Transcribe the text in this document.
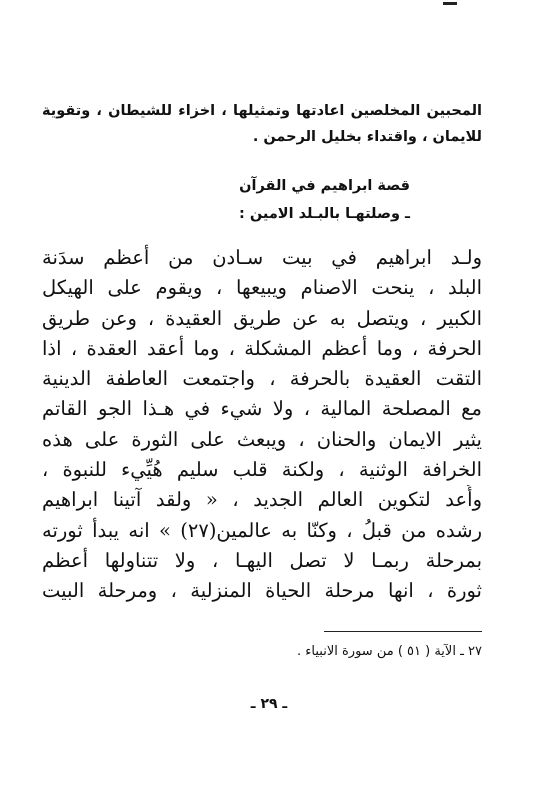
المحبين المخلصين اعادتها وتمثيلها ، اخزاء للشيطان ، وتقوية للايمان ، واقتداء بخليل الرحمن .

قصة ابراهيم في القرآن
ـ وصلتهـا بالبـلد الامين :
ولـد ابراهيم في بيت سـادن من أعظم سدَنة
البلد ، ينحت الاصنام ويبيعها ، ويقوم على الهيكل
الكبير ، ويتصل به عن طريق العقيدة ، وعن طريق
الحرفة ، وما أعظم المشكلة ، وما أعقد العقدة ، اذا
التقت العقيدة بالحرفة ، واجتمعت العاطفة الدينية
مع المصلحة المالية ، ولا شيء في هـذا الجو القاتم
يثير الايمان والحنان ، ويبعث على الثورة على هذه
الخرافة الوثنية ، ولكنة قلب سليم هُيِّيء للنبوة ،
وأُعد لتكوين العالم الجديد ، « ولقد آتينا ابراهيم
رشده من قبلُ ، وكنّا به عالمين(٢٧) » انه يبدأ ثورته
بمرحلة ربمـا لا تصل اليهـا ، ولا تتناولها أعظم
ثورة ، انها مرحلة الحياة المنزلية ، ومرحلة البيت
٢٧ ـ الآية ( ٥١ ) من سورة الانبياء .
ـ ٢٩ ـ
